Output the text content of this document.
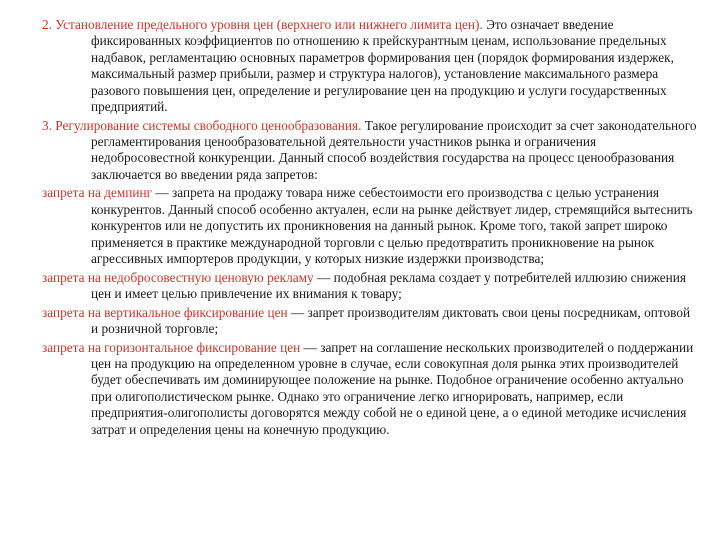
2. Установление предельного уровня цен (верхнего или нижнего лимита цен). Это означает введение фиксированных коэффициентов по отношению к прейскурантным ценам, использование предельных надбавок, регламентацию основных параметров формирования цен (порядок формирования издержек, максимальный размер прибыли, размер и структура налогов), установление максимального размера разового повышения цен, определение и регулирование цен на продукцию и услуги государственных предприятий.

3. Регулирование системы свободного ценообразования. Такое регулирование происходит за счет законодательного регламентирования ценообразовательной деятельности участников рынка и ограничения недобросовестной конкуренции. Данный способ воздействия государства на процесс ценообразования заключается во введении ряда запретов:

запрета на демпинг — запрета на продажу товара ниже себестоимости его производства с целью устранения конкурентов. Данный способ особенно актуален, если на рынке действует лидер, стремящийся вытеснить конкурентов или не допустить их проникновения на данный рынок. Кроме того, такой запрет широко применяется в практике международной торговли с целью предотвратить проникновение на рынок агрессивных импортеров продукции, у которых низкие издержки производства;

запрета на недобросовестную ценовую рекламу — подобная реклама создает у потребителей иллюзию снижения цен и имеет целью привлечение их внимания к товару;

запрета на вертикальное фиксирование цен — запрет производителям диктовать свои цены посредникам, оптовой и розничной торговле;

запрета на горизонтальное фиксирование цен — запрет на соглашение нескольких производителей о поддержании цен на продукцию на определенном уровне в случае, если совокупная доля рынка этих производителей будет обеспечивать им доминирующее положение на рынке. Подобное ограничение особенно актуально при олигополистическом рынке. Однако это ограничение легко игнорировать, например, если предприятия-олигополисты договорятся между собой не о единой цене, а о единой методике исчисления затрат и определения цены на конечную продукцию.
